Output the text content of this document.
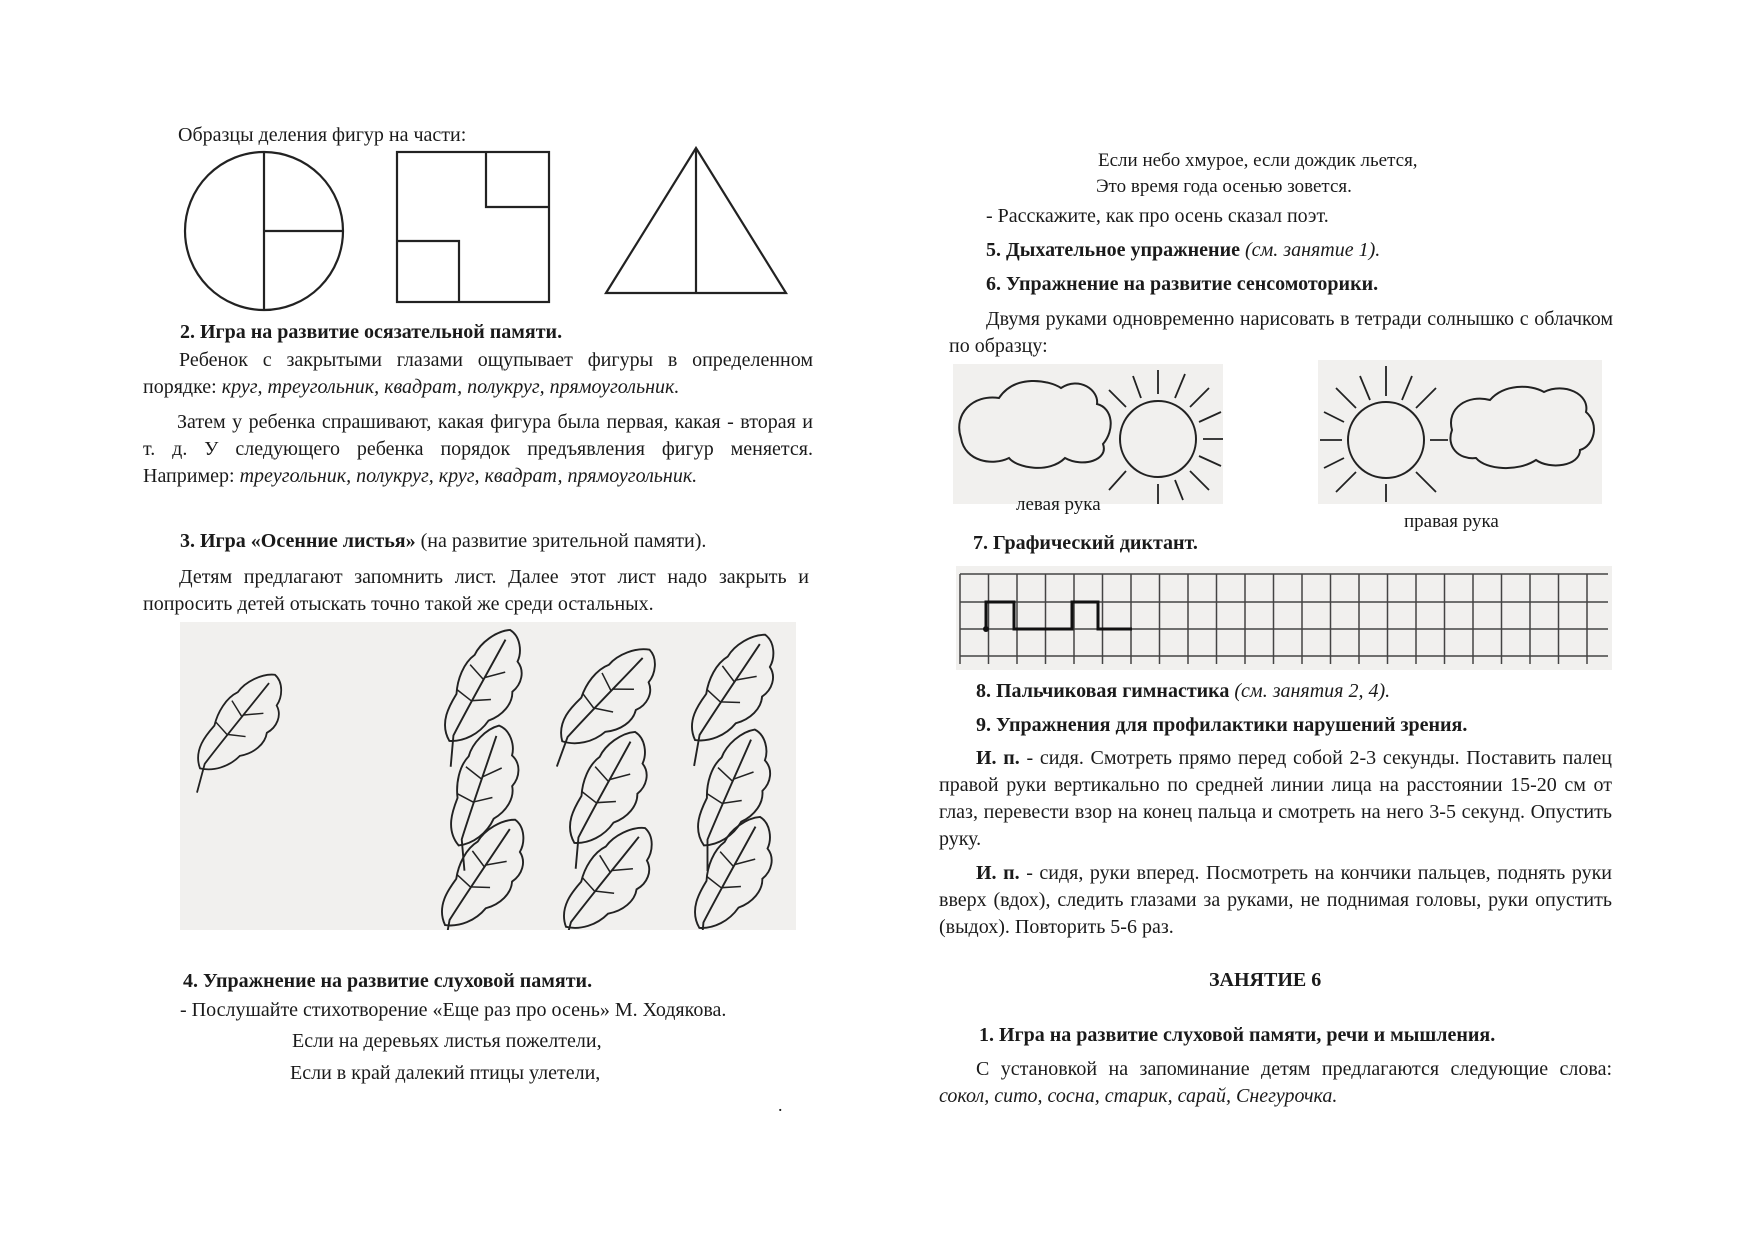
Образцы деления фигур на части:
2. Игра на развитие осязательной памяти.

Ребенок с закрытыми глазами ощупывает фигуры в определенном порядке: круг, треугольник, квадрат, полукруг, прямоугольник.

Затем у ребенка спрашивают, какая фигура была первая, какая - вторая и т. д. У следующего ребенка порядок предъявления фигур меняется. Например: треугольник, полукруг, круг, квадрат, прямоугольник.

3. Игра «Осенние листья» (на развитие зрительной памяти).

Детям предлагают запомнить лист. Далее этот лист надо закрыть и попросить детей отыскать точно такой же среди остальных.

4. Упражнение на развитие слуховой памяти.
- Послушайте стихотворение «Еще раз про осень» М. Ходякова.
Если на деревьях листья пожелтели,
Если в край далекий птицы улетели,
.
Если небо хмурое, если дождик льется,
Это время года осенью зовется.
- Расскажите, как про осень сказал поэт.
5. Дыхательное упражнение (см. занятие 1).
6. Упражнение на развитие сенсомоторики.

Двумя руками одновременно нарисовать в тетради солнышко с облачком по образцу:

левая рука
правая рука
7. Графический диктант.
8. Пальчиковая гимнастика (см. занятия 2, 4).
9. Упражнения для профилактики нарушений зрения.

И. п. - сидя. Смотреть прямо перед собой 2-3 секунды. Поставить палец правой руки вертикально по средней линии лица на расстоянии 15-20 см от глаз, перевести взор на конец пальца и смотреть на него 3-5 секунд. Опустить руку.

И. п. - сидя, руки вперед. Посмотреть на кончики пальцев, поднять руки вверх (вдох), следить глазами за руками, не поднимая головы, руки опустить (выдох). Повторить 5-6 раз.

ЗАНЯТИЕ 6
1. Игра на развитие слуховой памяти, речи и мышления.

С установкой на запоминание детям предлагаются следующие слова: сокол, сито, сосна, старик, сарай, Снегурочка.
